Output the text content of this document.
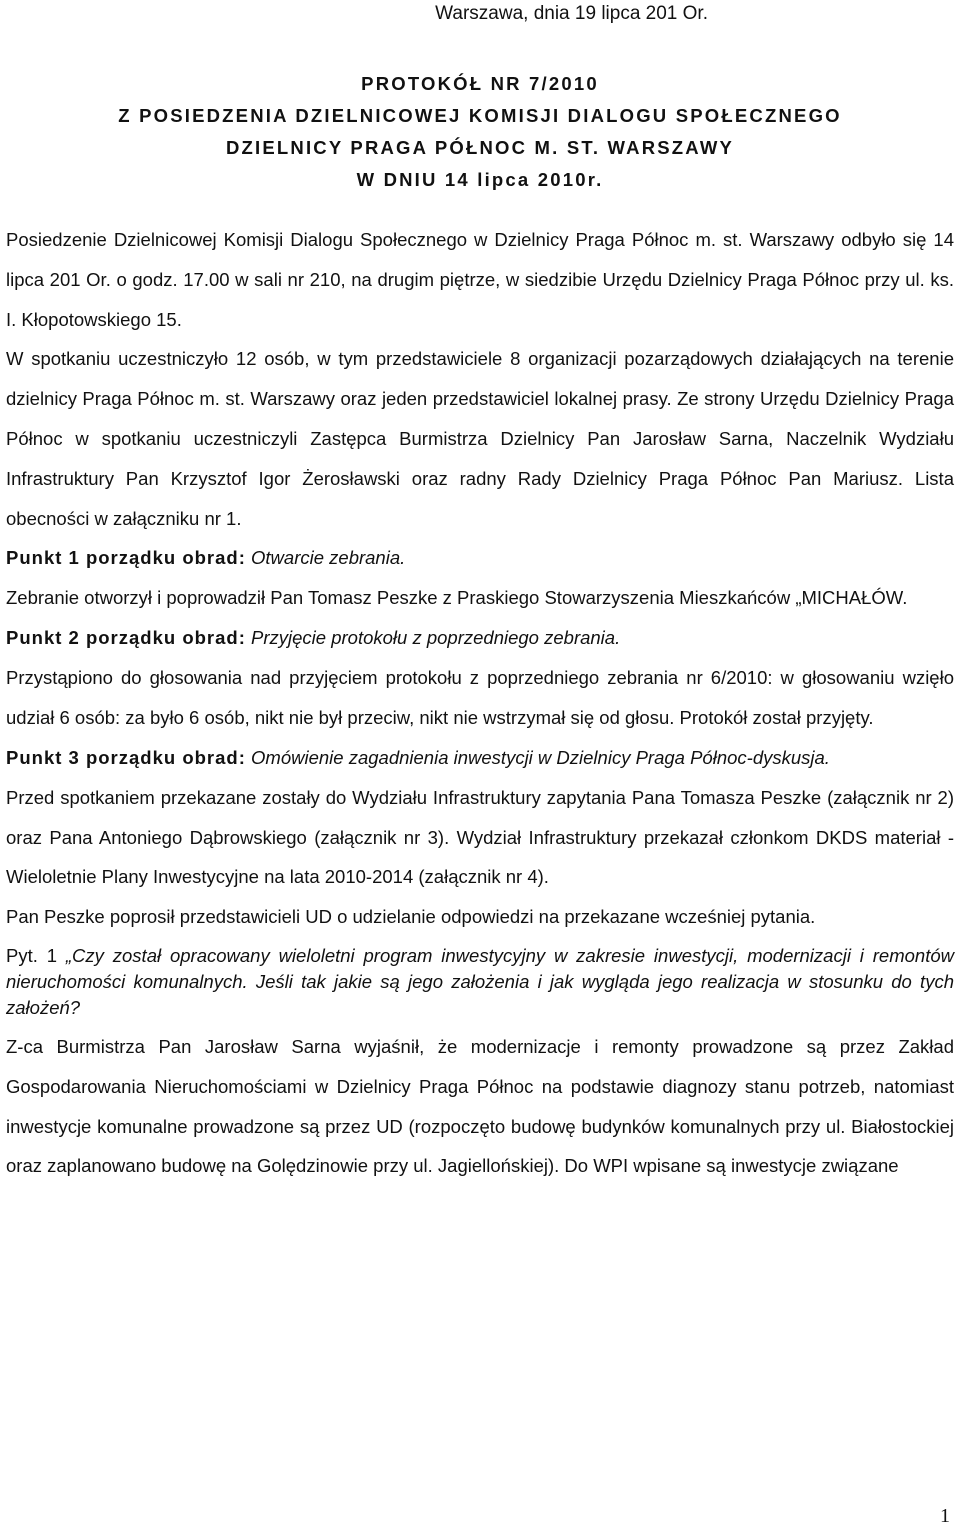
Warszawa, dnia 19 lipca 201 Or.
PROTOKÓŁ NR 7/2010
Z POSIEDZENIA DZIELNICOWEJ KOMISJI DIALOGU SPOŁECZNEGO
DZIELNICY PRAGA PÓŁNOC M. ST. WARSZAWY
W DNIU 14 lipca 2010r.

Posiedzenie Dzielnicowej Komisji Dialogu Społecznego w Dzielnicy Praga Północ m. st. Warszawy odbyło się 14 lipca 201 Or. o godz. 17.00 w sali nr 210, na drugim piętrze, w siedzibie Urzędu Dzielnicy Praga Północ przy ul. ks. I. Kłopotowskiego 15.

W spotkaniu uczestniczyło 12 osób, w tym przedstawiciele 8 organizacji pozarządowych działających na terenie dzielnicy Praga Północ m. st. Warszawy oraz jeden przedstawiciel lokalnej prasy. Ze strony Urzędu Dzielnicy Praga Północ w spotkaniu uczestniczyli Zastępca Burmistrza Dzielnicy Pan Jarosław Sarna, Naczelnik Wydziału Infrastruktury Pan Krzysztof Igor Żerosławski oraz radny Rady Dzielnicy Praga Północ Pan Mariusz. Lista obecności w załączniku nr 1.

Punkt 1 porządku obrad: Otwarcie zebrania.

Zebranie otworzył i poprowadził Pan Tomasz Peszke z Praskiego Stowarzyszenia Mieszkańców „MICHAŁÓW.

Punkt 2 porządku obrad: Przyjęcie protokołu z poprzedniego zebrania.

Przystąpiono do głosowania nad przyjęciem protokołu z poprzedniego zebrania nr 6/2010: w głosowaniu wzięło udział 6 osób: za było 6 osób, nikt nie był przeciw, nikt nie wstrzymał się od głosu. Protokół został przyjęty.

Punkt 3 porządku obrad: Omówienie zagadnienia inwestycji w Dzielnicy Praga Północ-dyskusja.

Przed spotkaniem przekazane zostały do Wydziału Infrastruktury zapytania Pana Tomasza Peszke (załącznik nr 2) oraz Pana Antoniego Dąbrowskiego (załącznik nr 3). Wydział Infrastruktury przekazał członkom DKDS materiał - Wieloletnie Plany Inwestycyjne na lata 2010-2014 (załącznik nr 4).

Pan Peszke poprosił przedstawicieli UD o udzielanie odpowiedzi na przekazane wcześniej pytania.

Pyt. 1 „Czy został opracowany wieloletni program inwestycyjny w zakresie inwestycji, modernizacji i remontów nieruchomości komunalnych. Jeśli tak jakie są jego założenia i jak wygląda jego realizacja w stosunku do tych założeń?

Z-ca Burmistrza Pan Jarosław Sarna wyjaśnił, że modernizacje i remonty prowadzone są przez Zakład Gospodarowania Nieruchomościami w Dzielnicy Praga Północ na podstawie diagnozy stanu potrzeb, natomiast inwestycje komunalne prowadzone są przez UD (rozpoczęto budowę budynków komunalnych przy ul. Białostockiej oraz zaplanowano budowę na Golędzinowie przy ul. Jagiellońskiej). Do WPI wpisane są inwestycje związane

1
